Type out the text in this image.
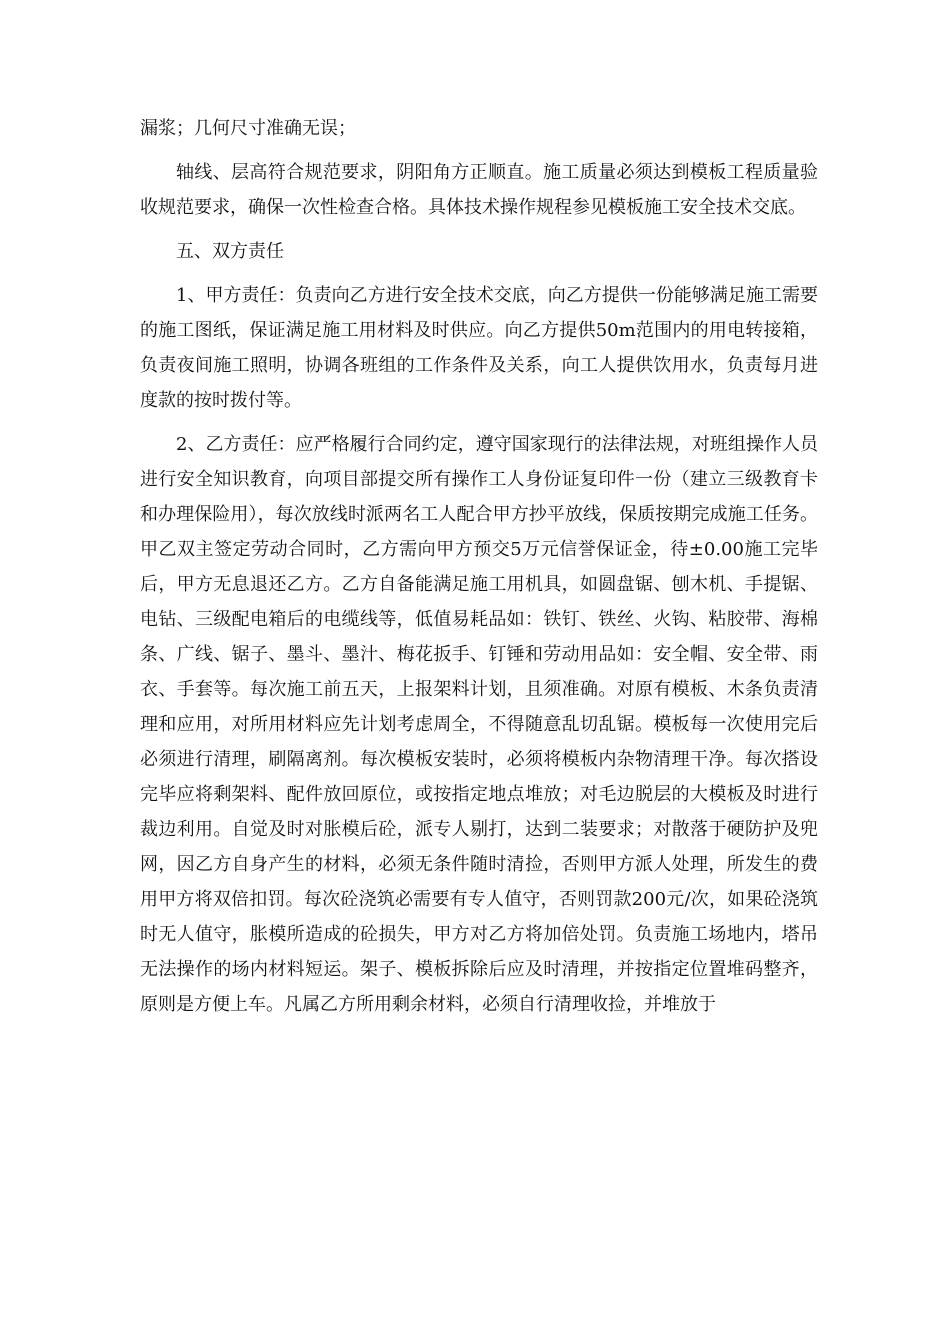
漏浆；几何尺寸准确无误；

轴线、层高符合规范要求，阴阳角方正顺直。施工质量必须达到模板工程质量验收规范要求，确保一次性检查合格。具体技术操作规程参见模板施工安全技术交底。

五、双方责任

1、甲方责任：负责向乙方进行安全技术交底，向乙方提供一份能够满足施工需要的施工图纸，保证满足施工用材料及时供应。向乙方提供50m范围内的用电转接箱，负责夜间施工照明，协调各班组的工作条件及关系，向工人提供饮用水，负责每月进度款的按时拨付等。

2、乙方责任：应严格履行合同约定，遵守国家现行的法律法规，对班组操作人员进行安全知识教育，向项目部提交所有操作工人身份证复印件一份（建立三级教育卡和办理保险用），每次放线时派两名工人配合甲方抄平放线，保质按期完成施工任务。甲乙双主签定劳动合同时，乙方需向甲方预交5万元信誉保证金，待±0.00施工完毕后，甲方无息退还乙方。乙方自备能满足施工用机具，如圆盘锯、刨木机、手提锯、电钻、三级配电箱后的电缆线等，低值易耗品如：铁钉、铁丝、火钩、粘胶带、海棉条、广线、锯子、墨斗、墨汁、梅花扳手、钉锤和劳动用品如：安全帽、安全带、雨衣、手套等。每次施工前五天，上报架料计划，且须准确。对原有模板、木条负责清理和应用，对所用材料应先计划考虑周全，不得随意乱切乱锯。模板每一次使用完后必须进行清理，刷隔离剂。每次模板安装时，必须将模板内杂物清理干净。每次搭设完毕应将剩架料、配件放回原位，或按指定地点堆放；对毛边脱层的大模板及时进行裁边利用。自觉及时对胀模后砼，派专人剔打，达到二装要求；对散落于硬防护及兜网，因乙方自身产生的材料，必须无条件随时清捡，否则甲方派人处理，所发生的费用甲方将双倍扣罚。每次砼浇筑必需要有专人值守，否则罚款200元/次，如果砼浇筑时无人值守，胀模所造成的砼损失，甲方对乙方将加倍处罚。负责施工场地内，塔吊无法操作的场内材料短运。架子、模板拆除后应及时清理，并按指定位置堆码整齐， 原则是方便上车。凡属乙方所用剩余材料，必须自行清理收捡，并堆放于
